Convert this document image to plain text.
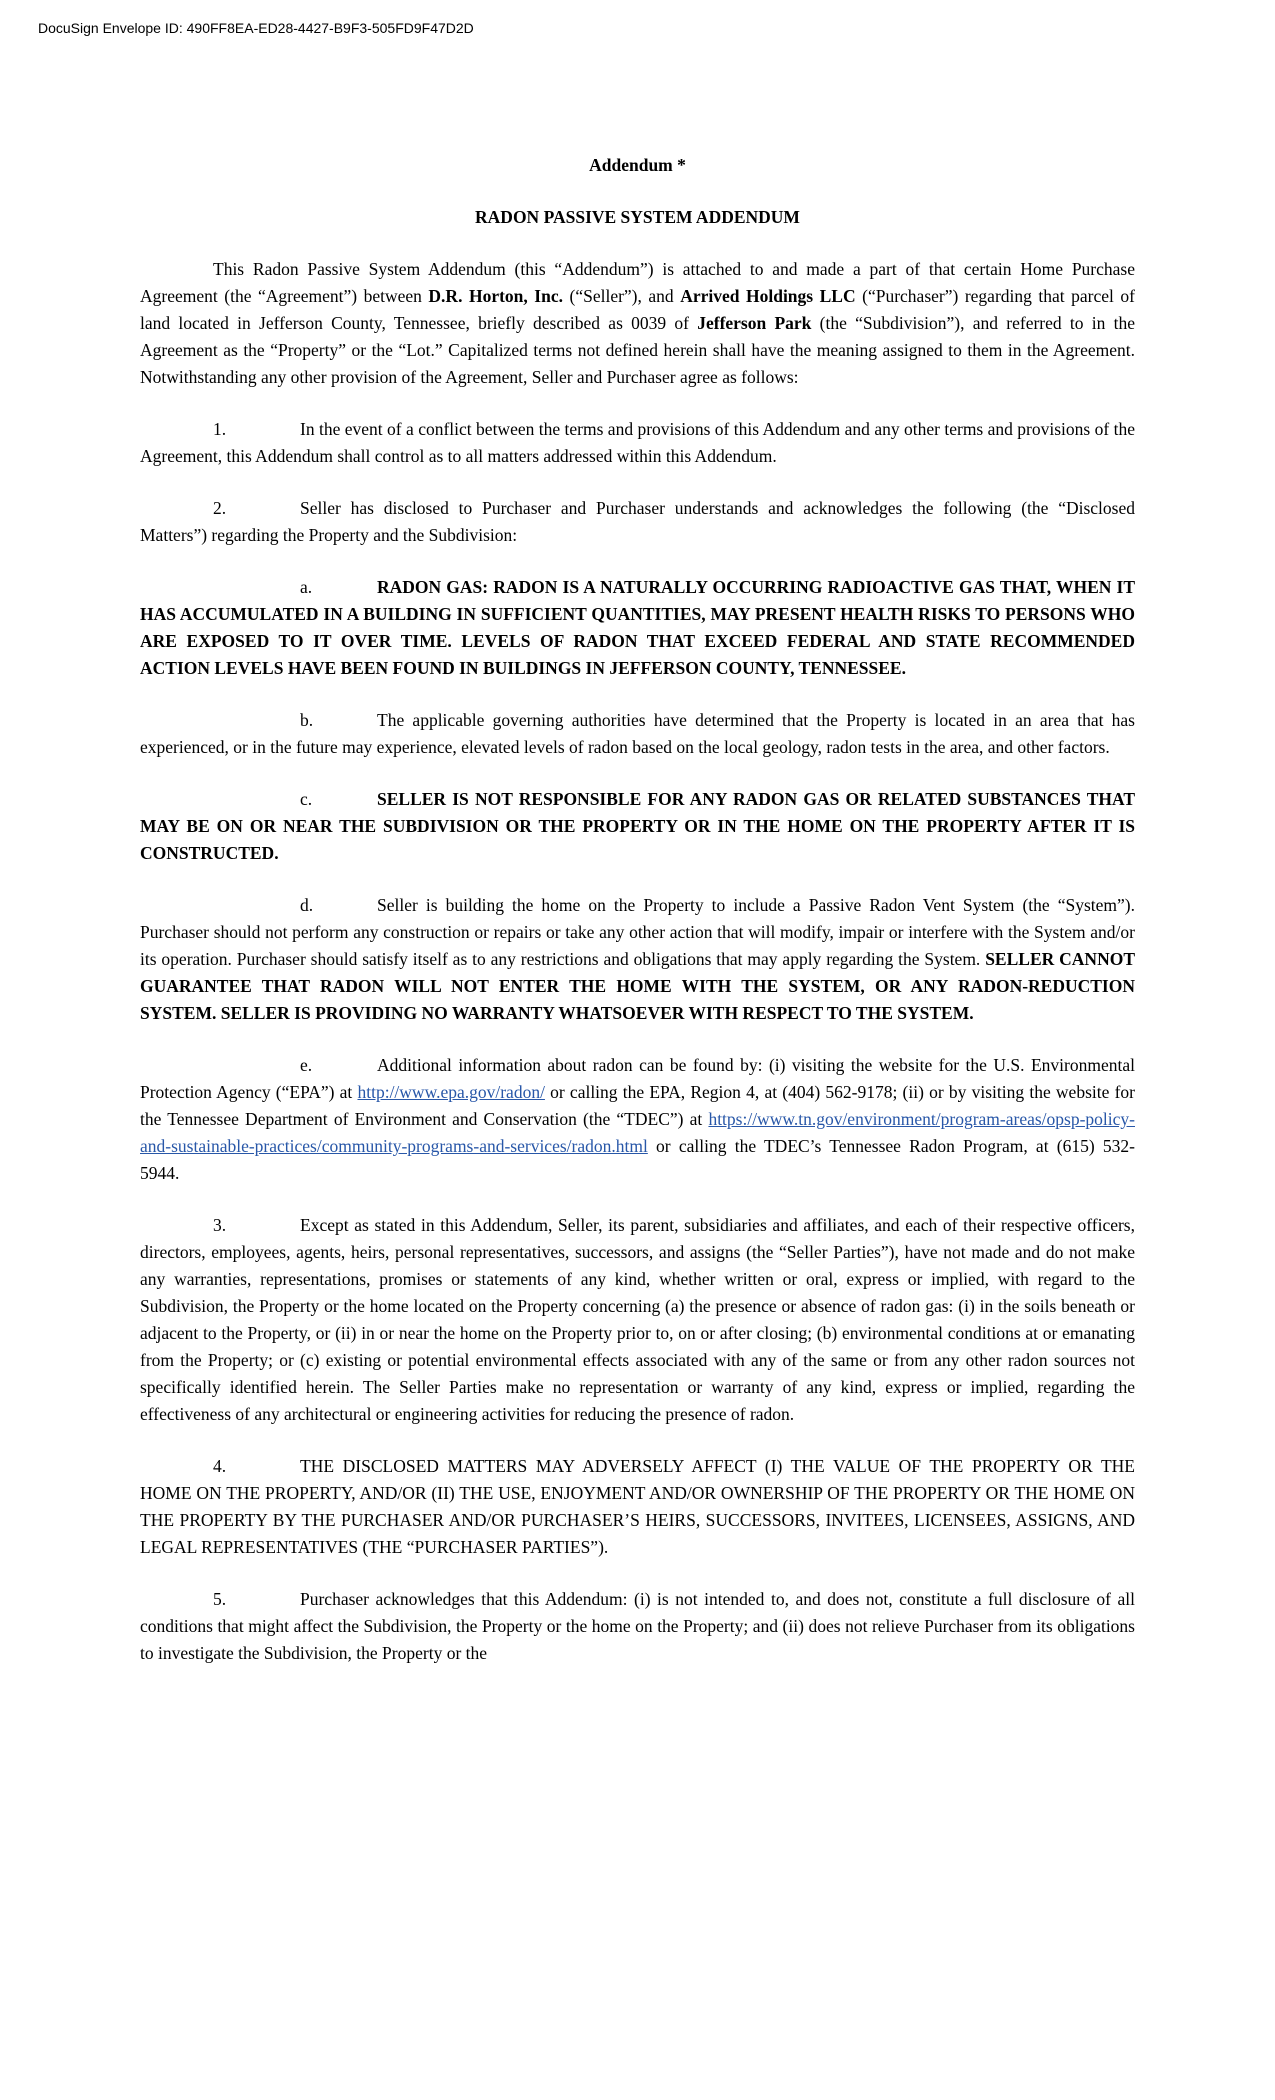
DocuSign Envelope ID: 490FF8EA-ED28-4427-B9F3-505FD9F47D2D
Addendum *
RADON PASSIVE SYSTEM ADDENDUM

This Radon Passive System Addendum (this “Addendum”) is attached to and made a part of that certain Home Purchase Agreement (the “Agreement”) between D.R. Horton, Inc. (“Seller”), and Arrived Holdings LLC (“Purchaser”) regarding that parcel of land located in Jefferson County, Tennessee, briefly described as 0039 of Jefferson Park (the “Subdivision”), and referred to in the Agreement as the “Property” or the “Lot.” Capitalized terms not defined herein shall have the meaning assigned to them in the Agreement. Notwithstanding any other provision of the Agreement, Seller and Purchaser agree as follows:

1.	In the event of a conflict between the terms and provisions of this Addendum and any other terms and provisions of the Agreement, this Addendum shall control as to all matters addressed within this Addendum.

2.	Seller has disclosed to Purchaser and Purchaser understands and acknowledges the following (the “Disclosed Matters”) regarding the Property and the Subdivision:

a.	RADON GAS: RADON IS A NATURALLY OCCURRING RADIOACTIVE GAS THAT, WHEN IT HAS ACCUMULATED IN A BUILDING IN SUFFICIENT QUANTITIES, MAY PRESENT HEALTH RISKS TO PERSONS WHO ARE EXPOSED TO IT OVER TIME. LEVELS OF RADON THAT EXCEED FEDERAL AND STATE RECOMMENDED ACTION LEVELS HAVE BEEN FOUND IN BUILDINGS IN JEFFERSON COUNTY, TENNESSEE.

b.	The applicable governing authorities have determined that the Property is located in an area that has experienced, or in the future may experience, elevated levels of radon based on the local geology, radon tests in the area, and other factors.

c.	SELLER IS NOT RESPONSIBLE FOR ANY RADON GAS OR RELATED SUBSTANCES THAT MAY BE ON OR NEAR THE SUBDIVISION OR THE PROPERTY OR IN THE HOME ON THE PROPERTY AFTER IT IS CONSTRUCTED.

d.	Seller is building the home on the Property to include a Passive Radon Vent System (the “System”). Purchaser should not perform any construction or repairs or take any other action that will modify, impair or interfere with the System and/or its operation. Purchaser should satisfy itself as to any restrictions and obligations that may apply regarding the System. SELLER CANNOT GUARANTEE THAT RADON WILL NOT ENTER THE HOME WITH THE SYSTEM, OR ANY RADON-REDUCTION SYSTEM. SELLER IS PROVIDING NO WARRANTY WHATSOEVER WITH RESPECT TO THE SYSTEM.

e.	Additional information about radon can be found by: (i) visiting the website for the U.S. Environmental Protection Agency (“EPA”) at http://www.epa.gov/radon/ or calling the EPA, Region 4, at (404) 562-9178; (ii) or by visiting the website for the Tennessee Department of Environment and Conservation (the “TDEC”) at https://www.tn.gov/environment/program-areas/opsp-policy-and-sustainable-practices/community-programs-and-services/radon.html or calling the TDEC’s Tennessee Radon Program, at (615) 532-5944.

3.	Except as stated in this Addendum, Seller, its parent, subsidiaries and affiliates, and each of their respective officers, directors, employees, agents, heirs, personal representatives, successors, and assigns (the “Seller Parties”), have not made and do not make any warranties, representations, promises or statements of any kind, whether written or oral, express or implied, with regard to the Subdivision, the Property or the home located on the Property concerning (a) the presence or absence of radon gas: (i) in the soils beneath or adjacent to the Property, or (ii) in or near the home on the Property prior to, on or after closing; (b) environmental conditions at or emanating from the Property; or (c) existing or potential environmental effects associated with any of the same or from any other radon sources not specifically identified herein. The Seller Parties make no representation or warranty of any kind, express or implied, regarding the effectiveness of any architectural or engineering activities for reducing the presence of radon.

4.	THE DISCLOSED MATTERS MAY ADVERSELY AFFECT (I) THE VALUE OF THE PROPERTY OR THE HOME ON THE PROPERTY, AND/OR (II) THE USE, ENJOYMENT AND/OR OWNERSHIP OF THE PROPERTY OR THE HOME ON THE PROPERTY BY THE PURCHASER AND/OR PURCHASER’S HEIRS, SUCCESSORS, INVITEES, LICENSEES, ASSIGNS, AND LEGAL REPRESENTATIVES (THE “PURCHASER PARTIES”).

5.	Purchaser acknowledges that this Addendum: (i) is not intended to, and does not, constitute a full disclosure of all conditions that might affect the Subdivision, the Property or the home on the Property; and (ii) does not relieve Purchaser from its obligations to investigate the Subdivision, the Property or the
